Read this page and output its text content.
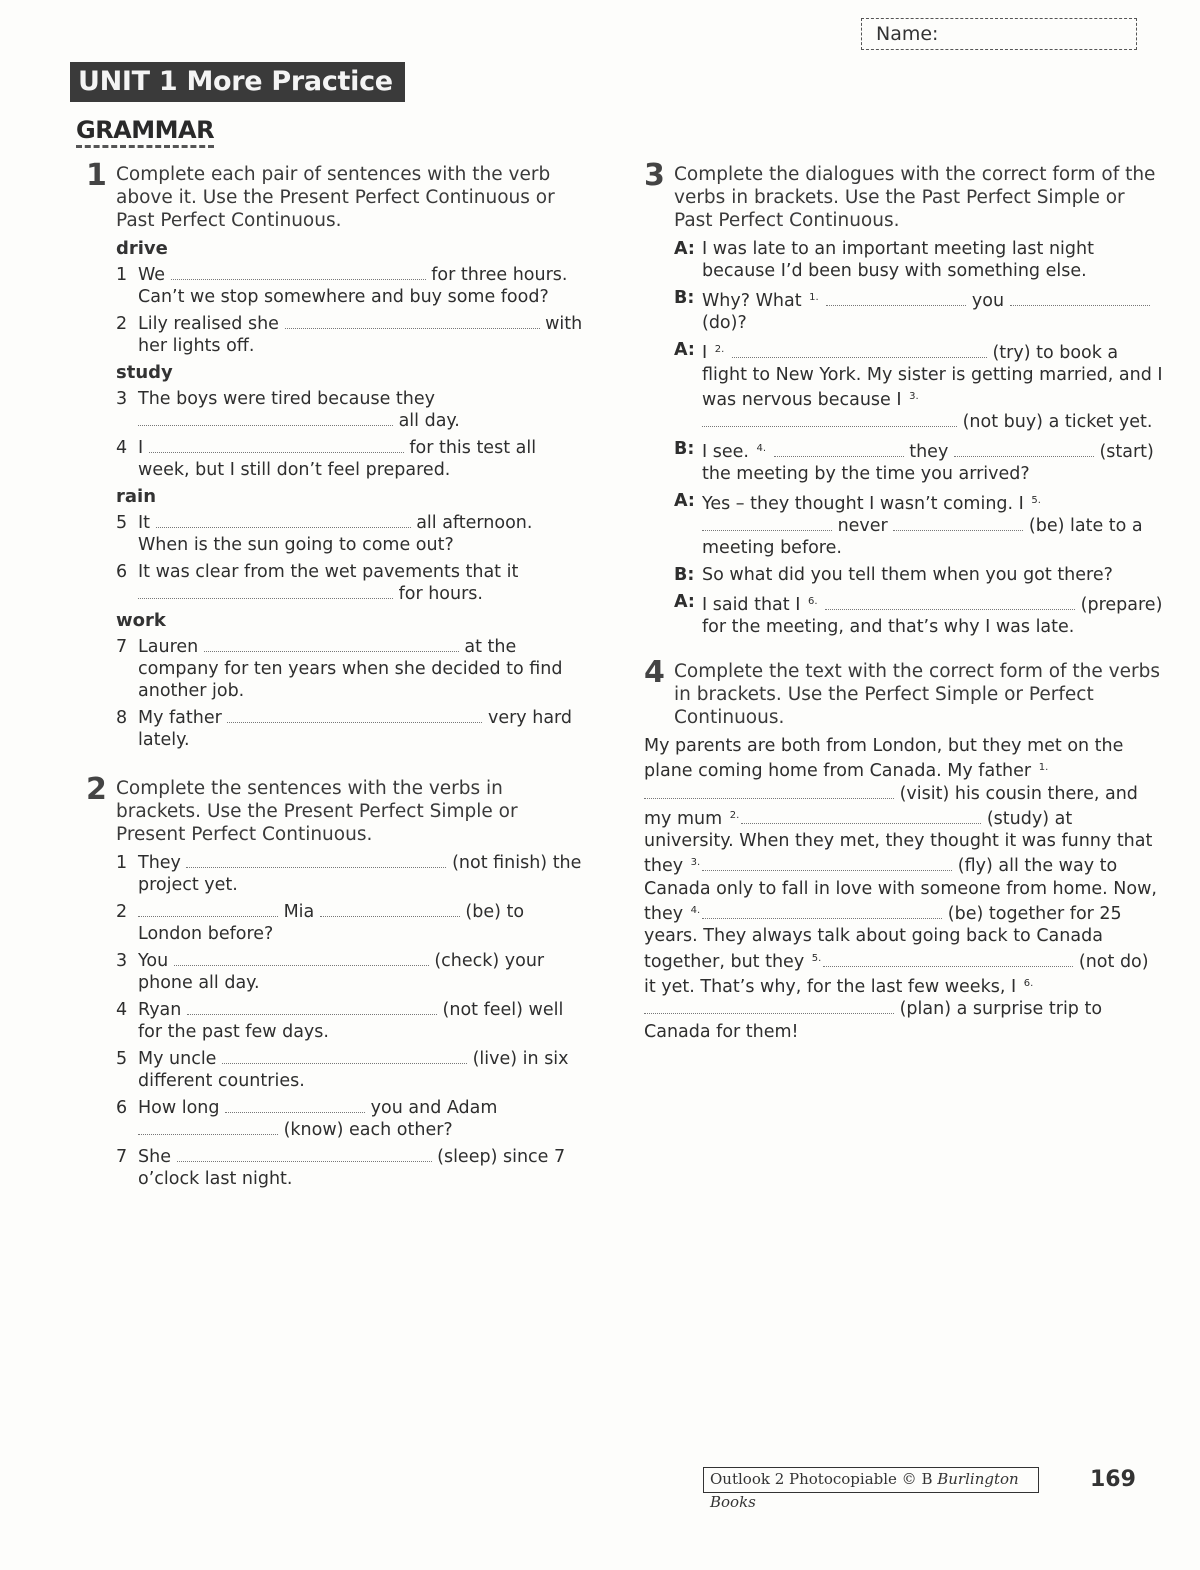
Name:
UNIT 1 More Practice
GRAMMAR
1 Complete each pair of sentences with the verb above it. Use the Present Perfect Continuous or Past Perfect Continuous.
drive
1 We	for three hours. Can’t we stop somewhere and buy some food?
2 Lily realised she	with her lights off.
study
3 The boys were tired because they  all day.
4 I	for this test all week, but I still don’t feel prepared.
rain
5 It	all afternoon. When is the sun going to come out?
6 It was clear from the wet pavements that it  for hours.
work
7 Lauren	at the company for ten years when she decided to find another job.
8 My father	very hard lately.
2 Complete the sentences with the verbs in brackets. Use the Present Perfect Simple or Present Perfect Continuous.
1 They	(not finish) the project yet.
2	Mia	(be) to London before?
3 You	(check) your phone all day.
4 Ryan	(not feel) well for the past few days.
5 My uncle	(live) in six different countries.
6 How long	you and Adam  (know) each other?
7 She	(sleep) since 7 o’clock last night.
3 Complete the dialogues with the correct form of the verbs in brackets. Use the Past Perfect Simple or Past Perfect Continuous.
A: I was late to an important meeting last night because I’d been busy with something else.
B: Why? What $^{1.}$	you  (do)?
A: I $^{2.}$	(try) to book a flight to New York. My sister is getting married, and I was nervous because I $^{3.}$  (not buy) a ticket yet.
B: I see. $^{4.}$	they	(start) the meeting by the time you arrived?
A: Yes – they thought I wasn’t coming. I $^{5.}$  never	(be) late to a meeting before.
B: So what did you tell them when you got there?
A: I said that I $^{6.}$	(prepare) for the meeting, and that’s why I was late.
4 Complete the text with the correct form of the verbs in brackets. Use the Perfect Simple or Perfect Continuous.
My parents are both from London, but they met on the plane coming home from Canada. My father $^{1.}$ (visit) his cousin there, and my mum $^{2.}$	(study) at university. When they met, they thought it was funny that they $^{3.}$	(fly) all the way to Canada only to fall in love with someone from home. Now, they $^{4.}$	(be) together for 25 years. They always talk about going back to Canada together, but they $^{5.}$	(not do) it yet. That’s why, for the last few weeks, I $^{6.}$ (plan) a surprise trip to Canada for them!
Outlook 2 Photocopiable © B Burlington Books
169
